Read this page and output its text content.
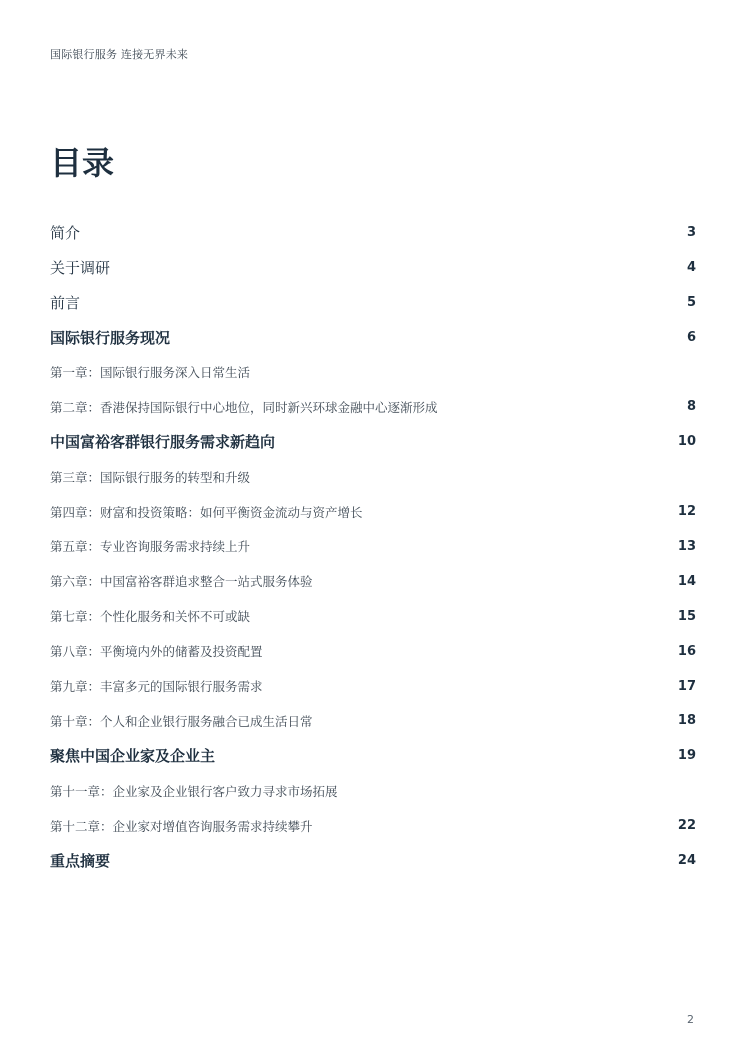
国际银行服务 连接无界未来
目录
简介	3
关于调研	4
前言	5
国际银行服务现况	6
第一章：国际银行服务深入日常生活
第二章：香港保持国际银行中心地位，同时新兴环球金融中心逐渐形成	8
中国富裕客群银行服务需求新趋向	10
第三章：国际银行服务的转型和升级
第四章：财富和投资策略：如何平衡资金流动与资产增长	12
第五章：专业咨询服务需求持续上升	13
第六章：中国富裕客群追求整合一站式服务体验	14
第七章：个性化服务和关怀不可或缺	15
第八章：平衡境内外的储蓄及投资配置	16
第九章：丰富多元的国际银行服务需求	17
第十章：个人和企业银行服务融合已成生活日常	18
聚焦中国企业家及企业主	19
第十一章：企业家及企业银行客户致力寻求市场拓展
第十二章：企业家对增值咨询服务需求持续攀升	22
重点摘要	24
2
